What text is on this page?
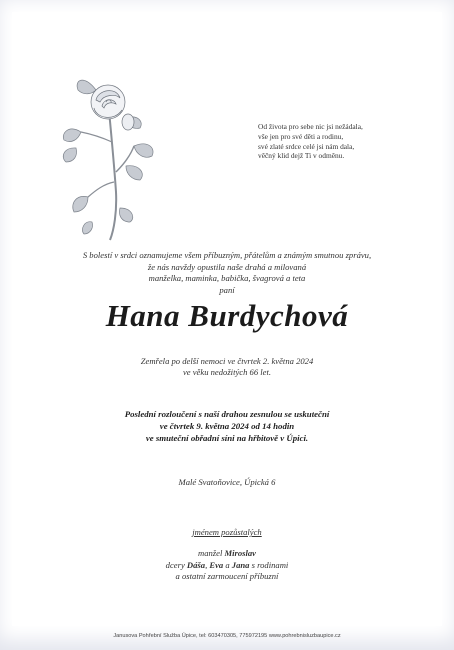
Od života pro sebe nic jsi nežádala,
vše jen pro své děti a rodinu,
své zlaté srdce celé jsi nám dala,
věčný klid dejž Ti v odměnu.
S bolestí v srdci oznamujeme všem příbuzným, přátelům a známým smutnou zprávu,
že nás navždy opustila naše drahá a milovaná
manželka, maminka, babička, švagrová a teta
paní
Hana Burdychová
Zemřela po delší nemoci ve čtvrtek 2. května 2024
ve věku nedožitých 66 let.
Poslední rozloučení s naší drahou zesnulou se uskuteční
ve čtvrtek 9. května 2024 od 14 hodin
ve smuteční obřadní síni na hřbitově v Úpici.
Malé Svatoňovice, Úpická 6
jménem pozůstalých
manžel Miroslav
dcery Dáša, Eva a Jana s rodinami
a ostatní zarmoucení příbuzní
Janusova Pohřební Služba Úpice, tel: 603470305, 775972195 www.pohrebnisluzbaupice.cz
